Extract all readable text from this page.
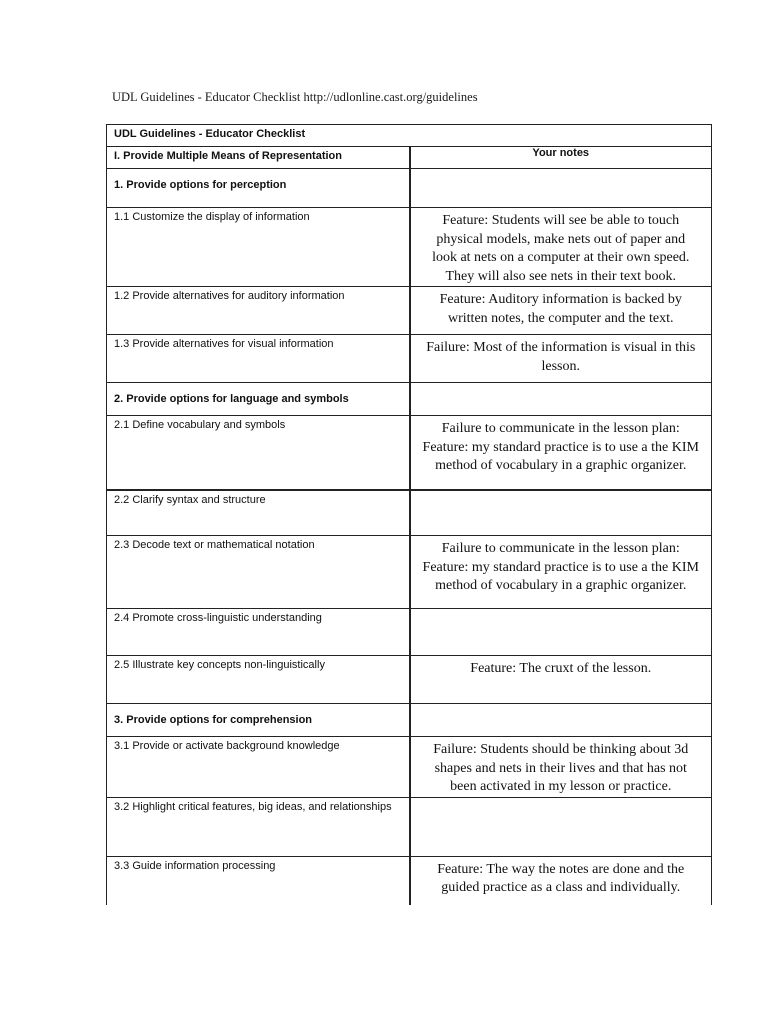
UDL Guidelines - Educator Checklist http://udlonline.cast.org/guidelines
UDL Guidelines - Educator Checklist	
I. Provide Multiple Means of Representation	Your notes
1. Provide options for perception	
1.1 Customize the display of information	Feature: Students will see be able to touch physical models, make nets out of paper and look at nets on a computer at their own speed. They will also see nets in their text book.
1.2 Provide alternatives for auditory information	Feature: Auditory information is backed by written notes, the computer and the text.
1.3 Provide alternatives for visual information	Failure: Most of the information is visual in this lesson.
2. Provide options for language and symbols	
2.1 Define vocabulary and symbols	Failure to communicate in the lesson plan: Feature: my standard practice is to use a the KIM method of vocabulary in a graphic organizer.
2.2 Clarify syntax and structure	
2.3 Decode text or mathematical notation	Failure to communicate in the lesson plan: Feature: my standard practice is to use a the KIM method of vocabulary in a graphic organizer.
2.4 Promote cross-linguistic understanding	
2.5 Illustrate key concepts non-linguistically	Feature: The cruxt of the lesson.
3. Provide options for comprehension	
3.1 Provide or activate background knowledge	Failure: Students should be thinking about 3d shapes and nets in their lives and that has not been activated in my lesson or practice.
3.2 Highlight critical features, big ideas, and relationships	
3.3 Guide information processing	Feature: The way the notes are done and the guided practice as a class and individually.
